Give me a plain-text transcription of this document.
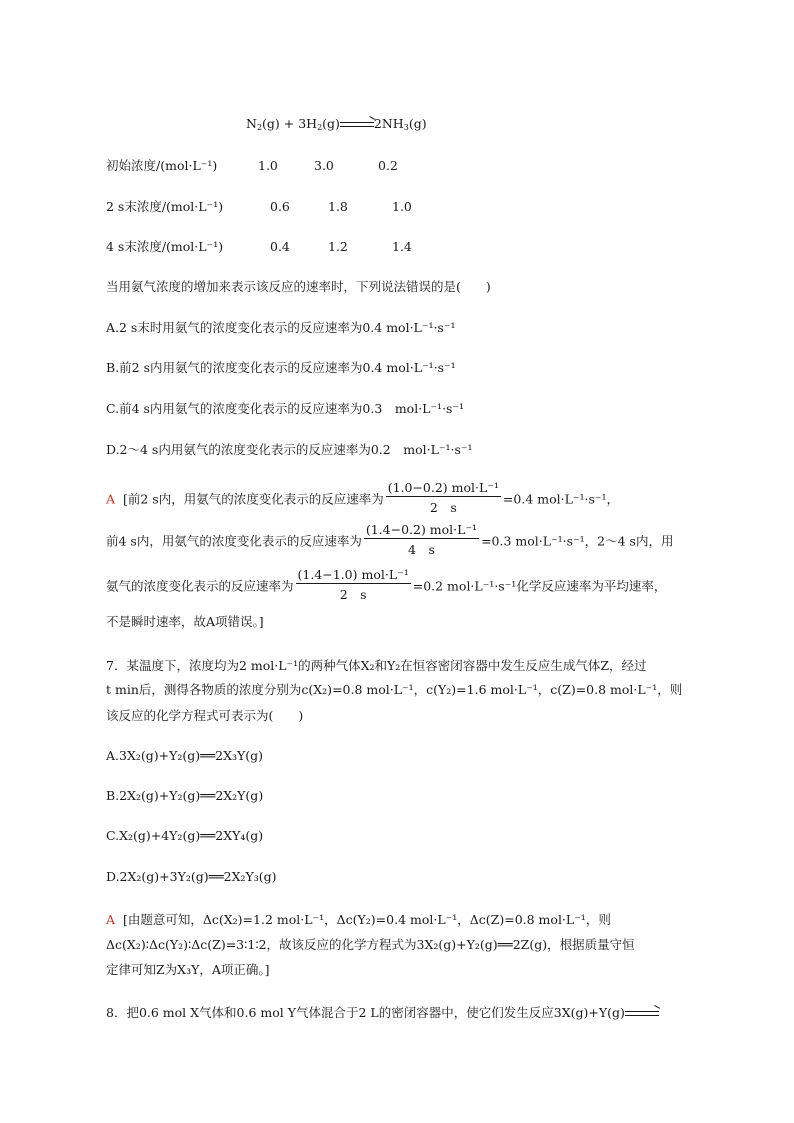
$N_2(g) + 3H_2(g)\to 2NH_3(g)$
初始浓度/(mol·L⁻¹)	1.0	3.0	0.2
2 s末浓度/(mol·L⁻¹)	0.6	1.8	1.0
4 s末浓度/(mol·L⁻¹)	0.4	1.2	1.4
当用氨气浓度的增加来表示该反应的速率时，下列说法错误的是(　　)
A.2 s末时用氨气的浓度变化表示的反应速率为0.4 mol·L⁻¹·s⁻¹
B.前2 s内用氨气的浓度变化表示的反应速率为0.4 mol·L⁻¹·s⁻¹
C.前4 s内用氨气的浓度变化表示的反应速率为0.3　mol·L⁻¹·s⁻¹
D.2～4 s内用氨气的浓度变化表示的反应速率为0.2　mol·L⁻¹·s⁻¹
A [前2 s内，用氨气的浓度变化表示的反应速率为 $\frac{\text{(1.0−0.2) mol·L⁻¹}}{2 s} =0.4$ mol·L⁻¹·s⁻¹，
前4 s内，用氨气的浓度变化表示的反应速率为 $\frac{\text{(1.4−0.2) mol·L⁻¹}}{4 s} =0.3$ mol·L⁻¹·s⁻¹，2～4 s内，用
氨气的浓度变化表示的反应速率为 $\frac{\text{(1.4−1.0) mol·L⁻¹}}{2 s} =0.2$ mol·L⁻¹·s⁻¹化学反应速率为平均速率，
不是瞬时速率，故A项错误。]
7．某温度下，浓度均为2 mol·L⁻¹的两种气体X₂和Y₂在恒容密闭容器中发生反应生成气体Z，经过
t min后，测得各物质的浓度分别为c(X₂)=0.8 mol·L⁻¹，c(Y₂)=1.6 mol·L⁻¹，c(Z)=0.8 mol·L⁻¹，则
该反应的化学方程式可表示为(　　)
A.3X₂(g)+Y₂(g)══2X₃Y(g)
B.2X₂(g)+Y₂(g)══2X₂Y(g)
C.X₂(g)+4Y₂(g)══2XY₄(g)
D.2X₂(g)+3Y₂(g)══2X₂Y₃(g)
A [由题意可知，Δc(X₂)=1.2 mol·L⁻¹，Δc(Y₂)=0.4 mol·L⁻¹，Δc(Z)=0.8 mol·L⁻¹，则
Δc(X₂)∶Δc(Y₂)∶Δc(Z)=3∶1∶2，故该反应的化学方程式为3X₂(g)+Y₂(g)══2Z(g)，根据质量守恒
定律可知Z为X₃Y，A项正确。]
8．把0.6 mol X气体和0.6 mol Y气体混合于2 L的密闭容器中，使它们发生反应3X(g)+Y(g)→
